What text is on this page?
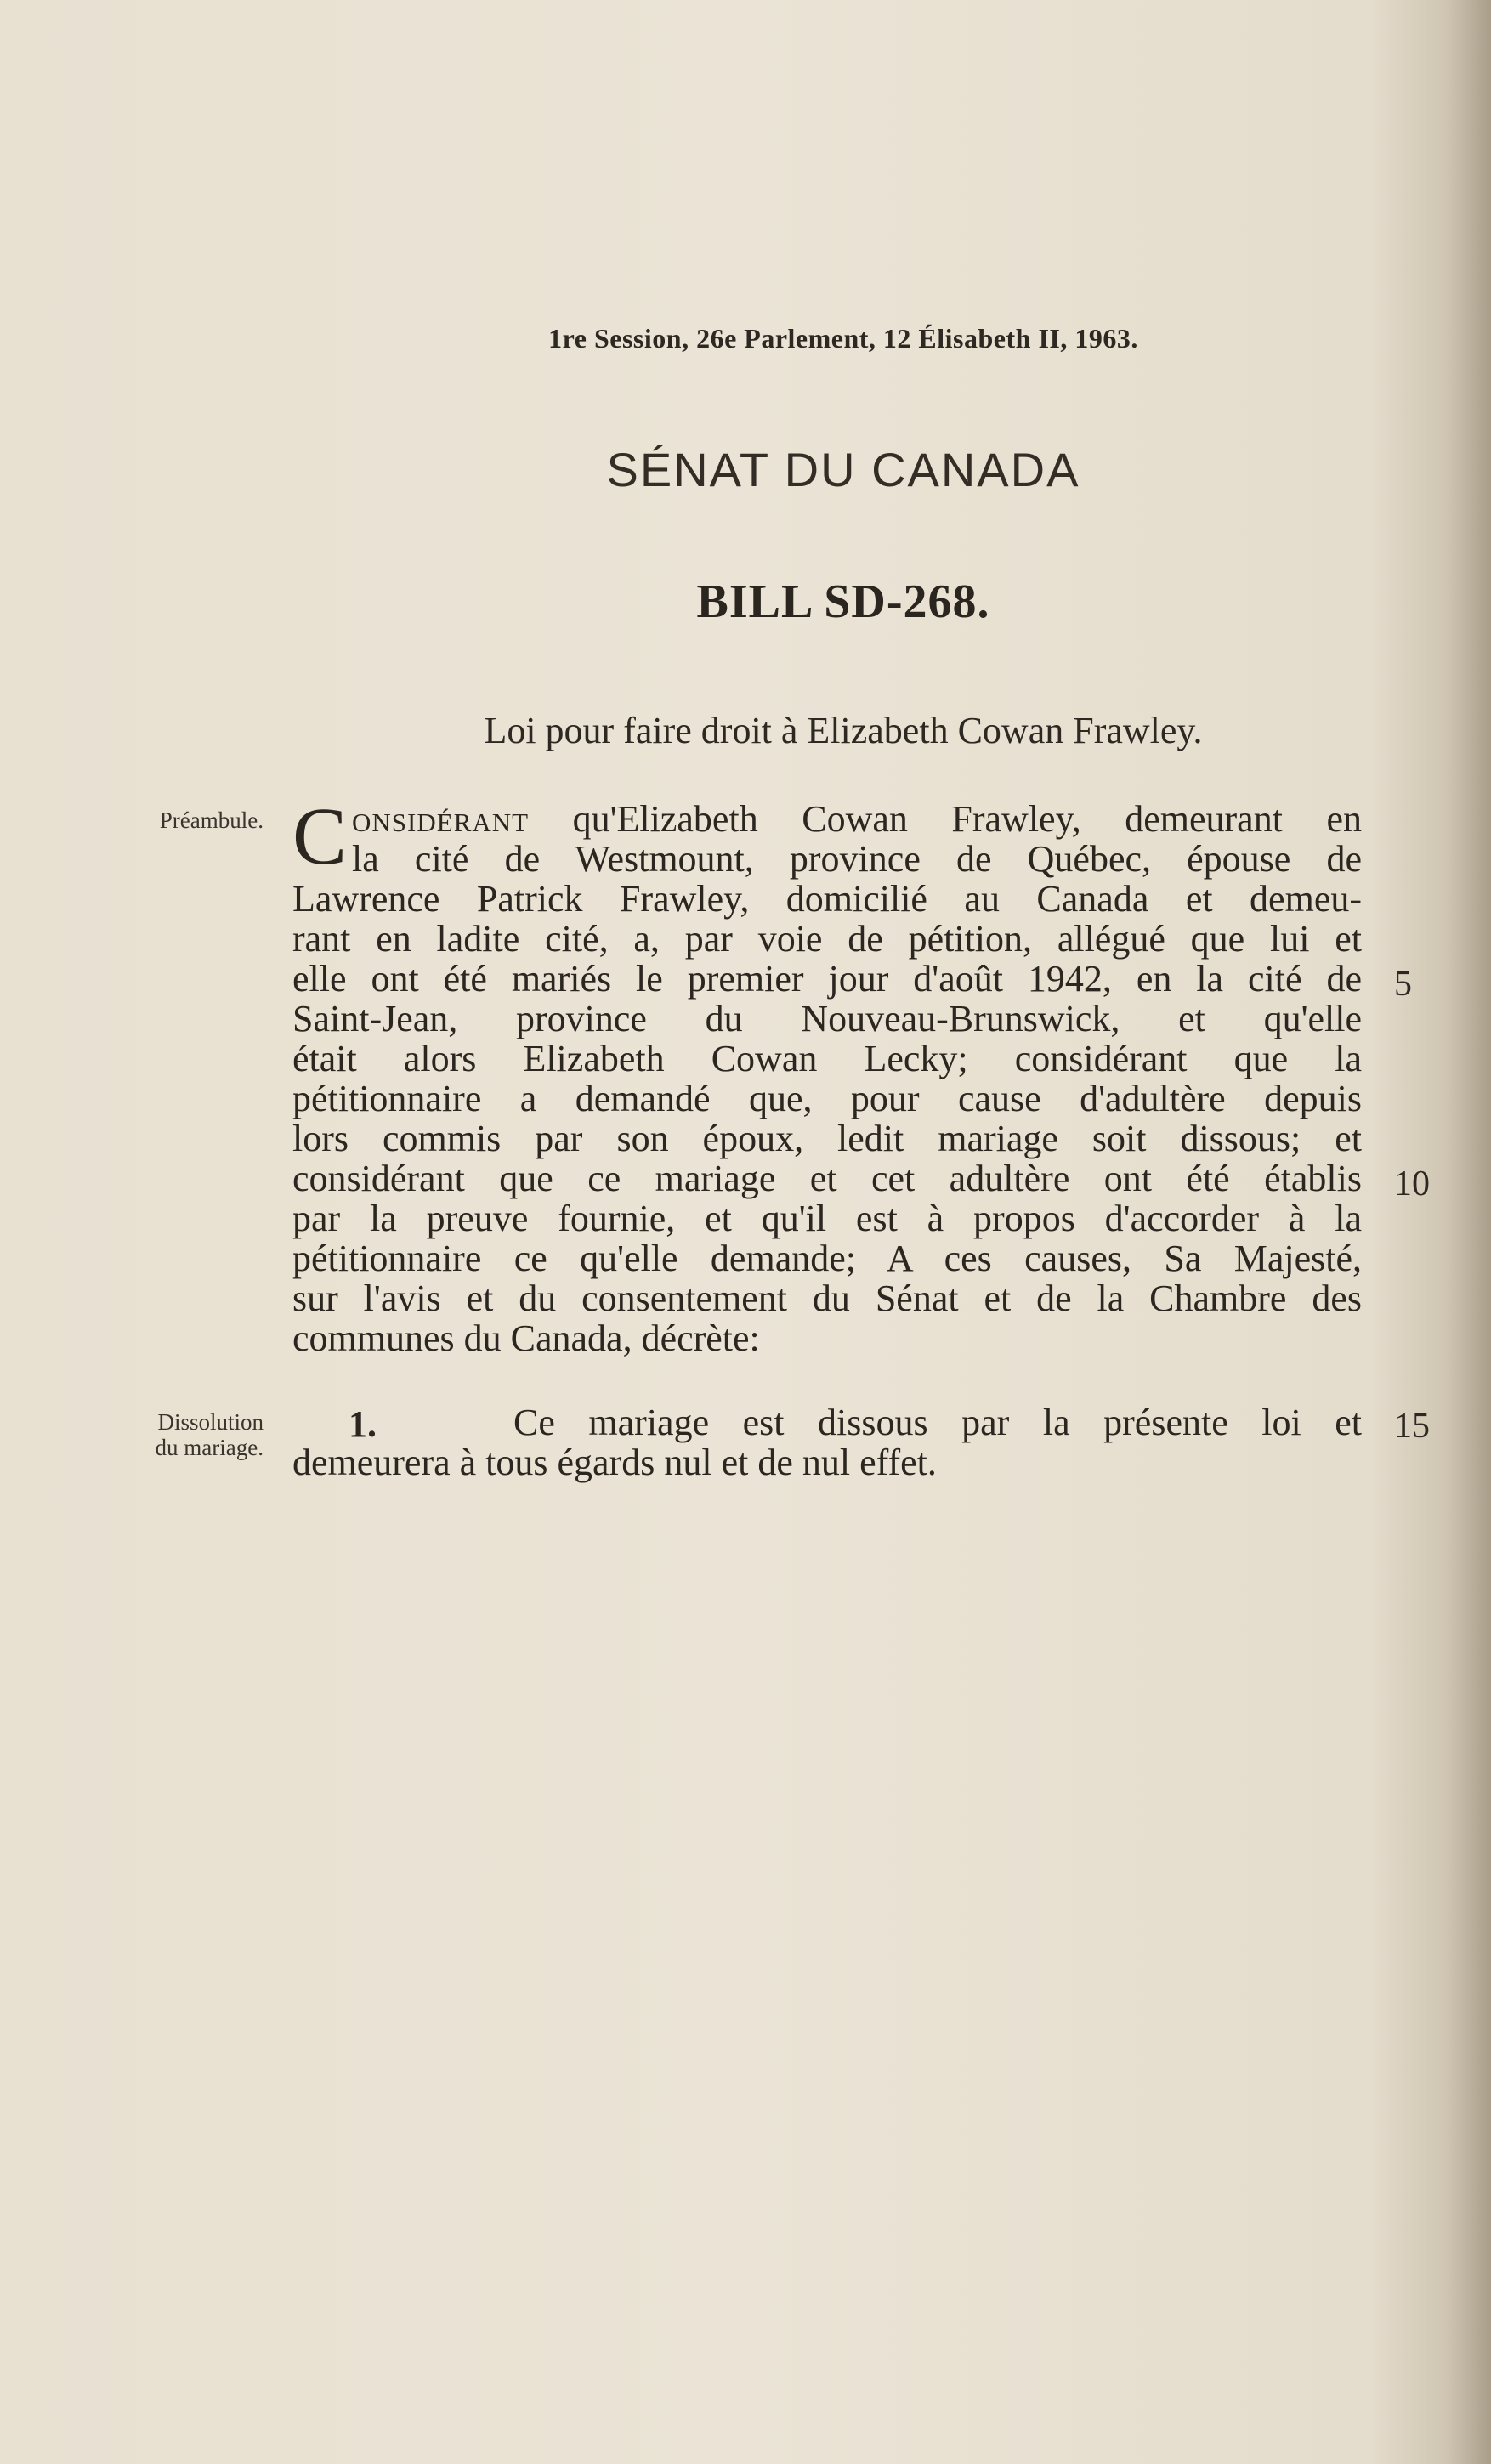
1re Session, 26e Parlement, 12 Élisabeth II, 1963.
SÉNAT DU CANADA
BILL SD-268.
Loi pour faire droit à Elizabeth Cowan Frawley.
Préambule. C onsidérant qu'Elizabeth Cowan Frawley, demeurant en
la cité de Westmount, province de Québec, épouse de
Lawrence Patrick Frawley, domicilié au Canada et demeu-
rant en ladite cité, a, par voie de pétition, allégué que lui et
elle ont été mariés le premier jour d'août 1942, en la cité de
Saint-Jean, province du Nouveau-Brunswick, et qu'elle
était alors Elizabeth Cowan Lecky; considérant que la
pétitionnaire a demandé que, pour cause d'adultère depuis
lors commis par son époux, ledit mariage soit dissous; et
considérant que ce mariage et cet adultère ont été établis
par la preuve fournie, et qu'il est à propos d'accorder à la
pétitionnaire ce qu'elle demande; A ces causes, Sa Majesté,
sur l'avis et du consentement du Sénat et de la Chambre des
communes du Canada, décrète:
5
10
15
Dissolution
du mariage.
1.	Ce mariage est dissous par la présente loi et
demeurera à tous égards nul et de nul effet.
